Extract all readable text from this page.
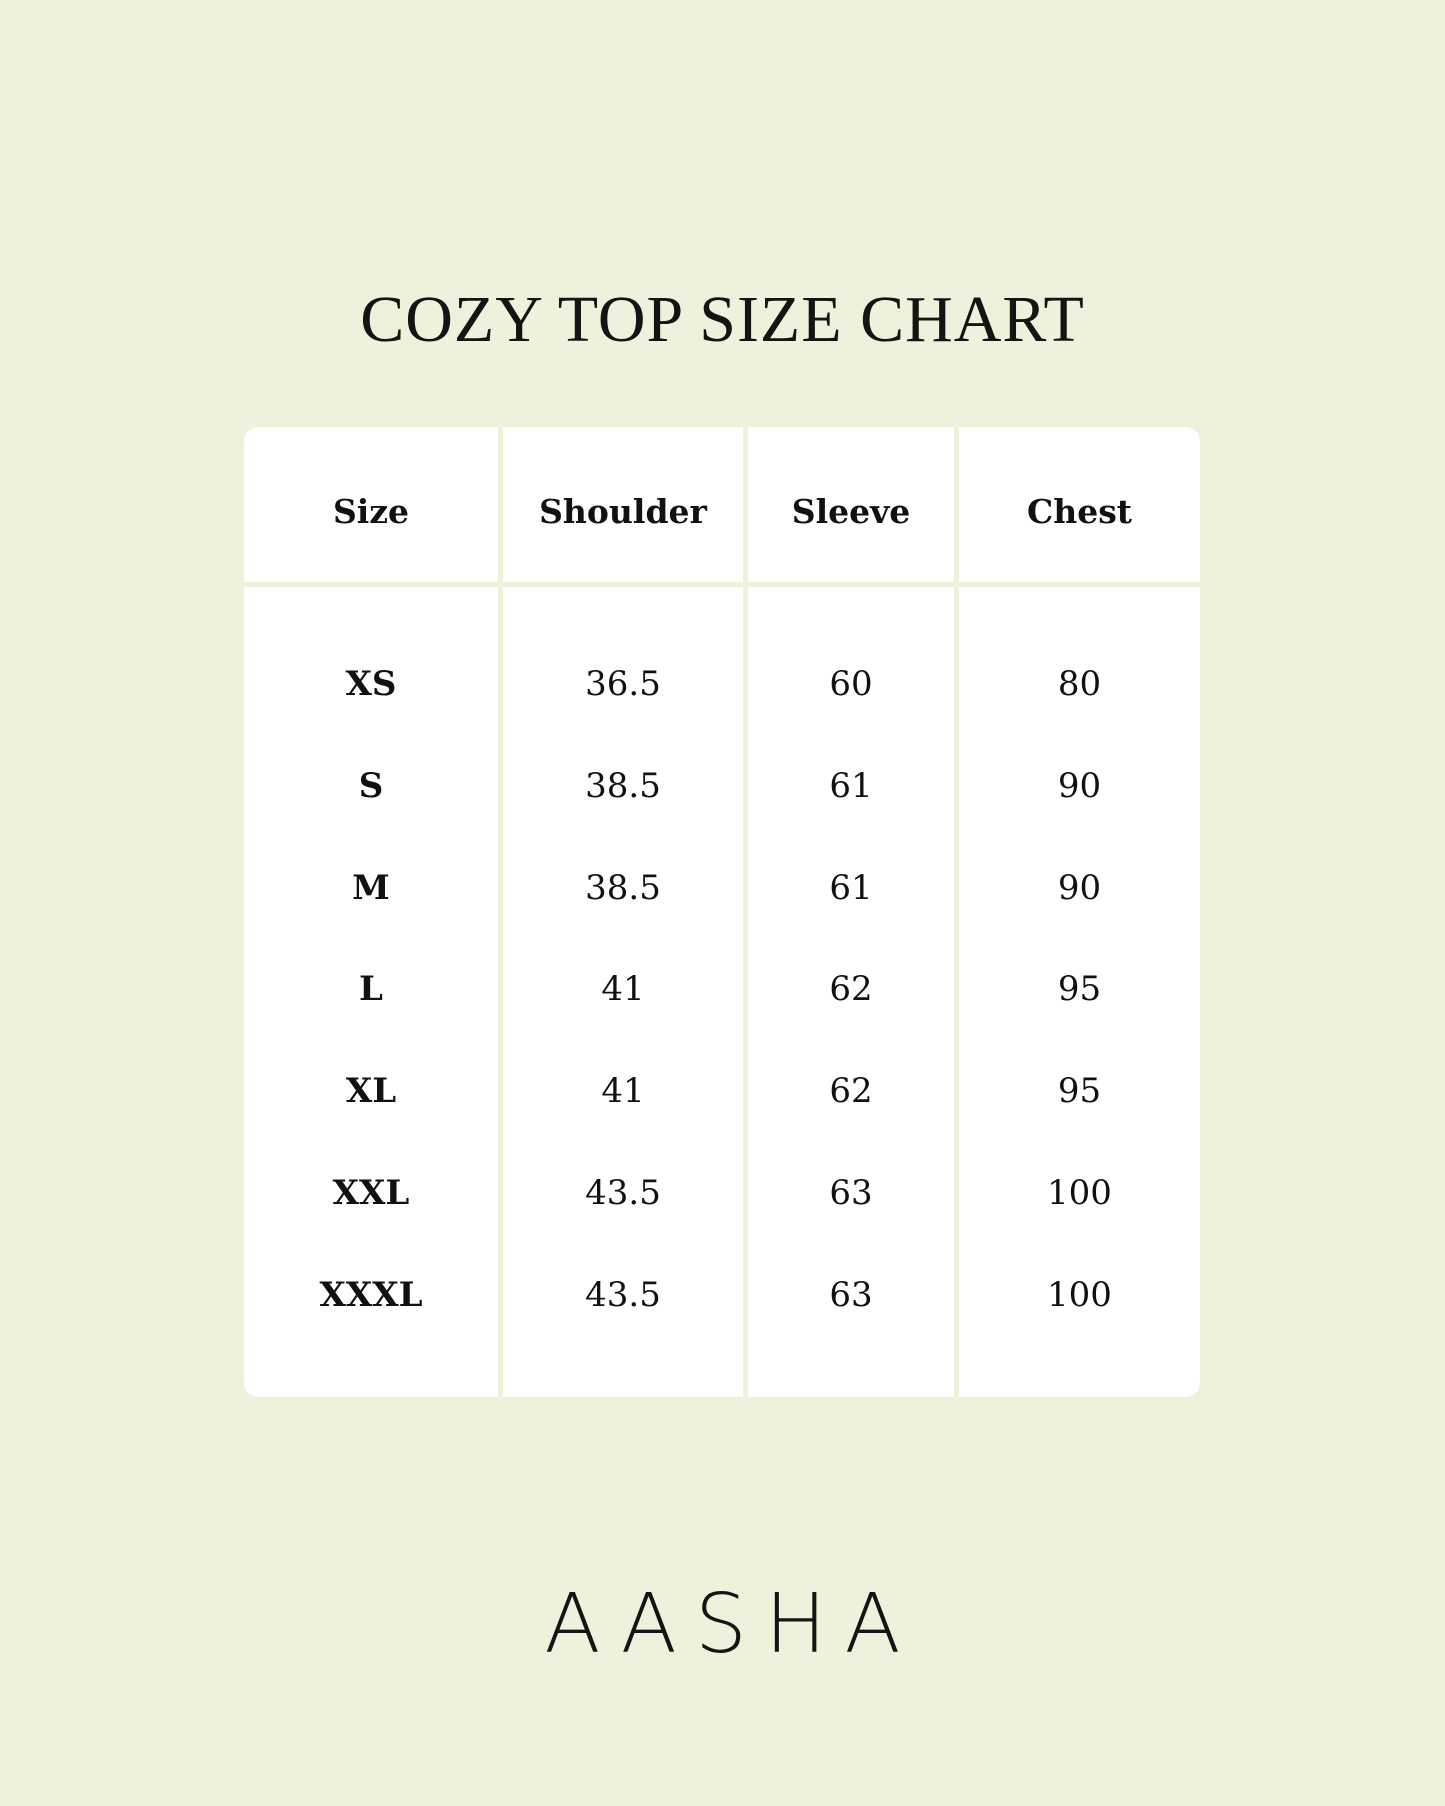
COZY TOP SIZE CHART
Size	Shoulder	Sleeve	Chest
XS	36.5	60	80
S	38.5	61	90
M	38.5	61	90
L	41	62	95
XL	41	62	95
XXL	43.5	63	100
XXXL	43.5	63	100
AASHA
